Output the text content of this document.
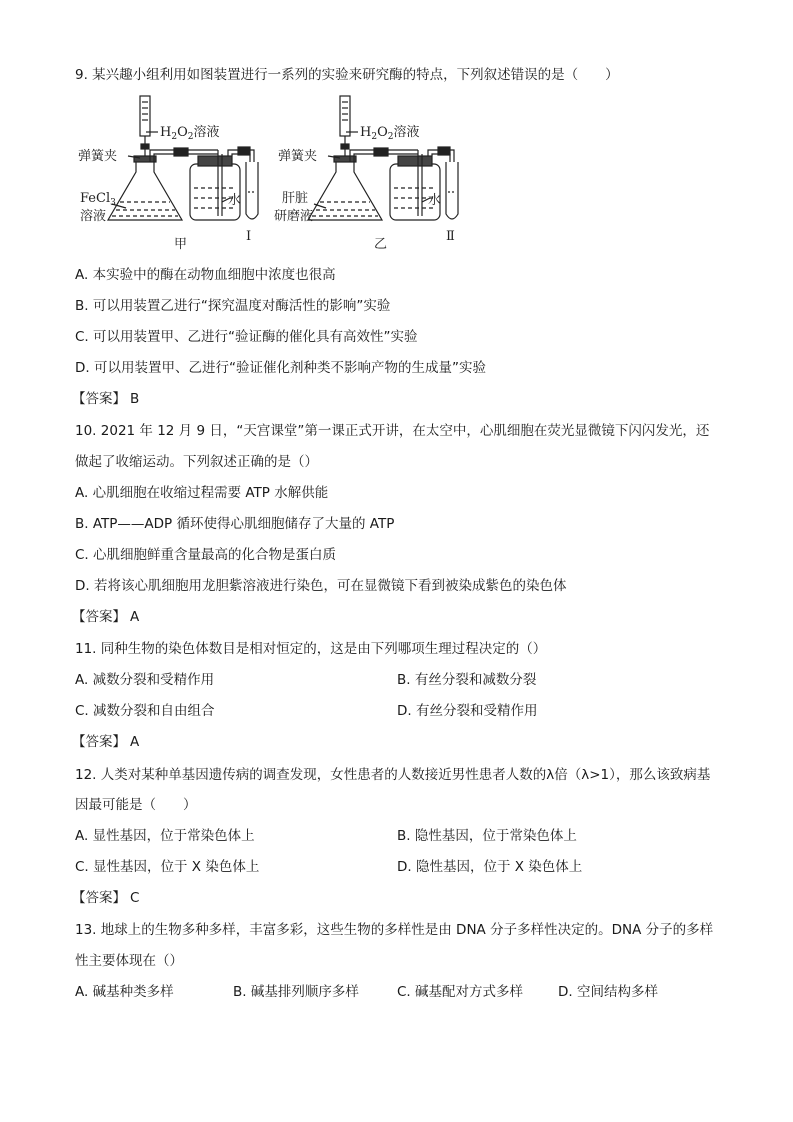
9. 某兴趣小组利用如图装置进行一系列的实验来研究酶的特点，下列叙述错误的是（　　）
$H_2O_2$溶液
弹簧夹
FeCl$_3$
溶液
水
甲
Ⅰ
$H_2O_2$溶液
弹簧夹
肝脏
研磨液
水
乙
Ⅱ
A. 本实验中的酶在动物血细胞中浓度也很高
B. 可以用装置乙进行“探究温度对酶活性的影响”实验
C. 可以用装置甲、乙进行“验证酶的催化具有高效性”实验
D. 可以用装置甲、乙进行“验证催化剂种类不影响产物的生成量”实验
【答案】 B
10. 2021 年 12 月 9 日，“天宫课堂”第一课正式开讲，在太空中，心肌细胞在荧光显微镜下闪闪发光，还
做起了收缩运动。下列叙述正确的是（）
A. 心肌细胞在收缩过程需要 ATP 水解供能
B. ATP——ADP 循环使得心肌细胞储存了大量的 ATP
C. 心肌细胞鲜重含量最高的化合物是蛋白质
D. 若将该心肌细胞用龙胆紫溶液进行染色，可在显微镜下看到被染成紫色的染色体
【答案】 A
11. 同种生物的染色体数目是相对恒定的，这是由下列哪项生理过程决定的（）
A. 减数分裂和受精作用	B. 有丝分裂和减数分裂
C. 减数分裂和自由组合	D. 有丝分裂和受精作用
【答案】 A
12. 人类对某种单基因遗传病的调查发现，女性患者的人数接近男性患者人数的λ倍（λ>1），那么该致病基
因最可能是（　　）
A. 显性基因，位于常染色体上	B. 隐性基因，位于常染色体上
C. 显性基因，位于 X 染色体上	D. 隐性基因，位于 X 染色体上
【答案】 C
13. 地球上的生物多种多样，丰富多彩，这些生物的多样性是由 DNA 分子多样性决定的。DNA 分子的多样
性主要体现在（）
A. 碱基种类多样	B. 碱基排列顺序多样	C. 碱基配对方式多样	D. 空间结构多样
